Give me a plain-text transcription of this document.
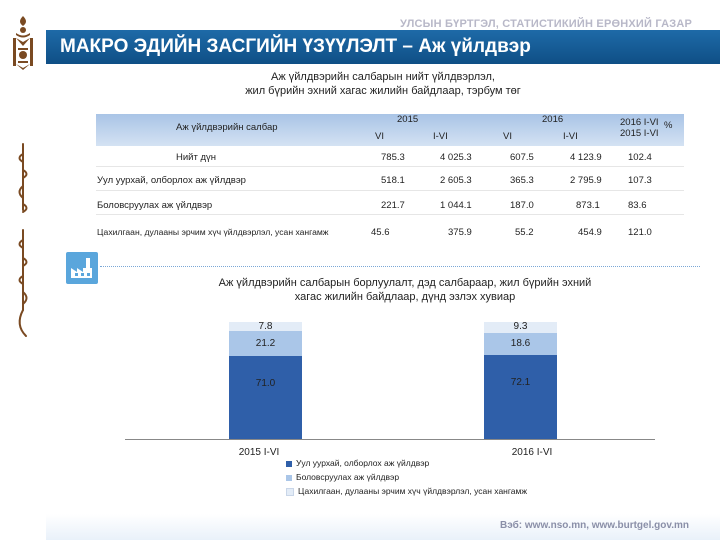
УЛСЫН БҮРТГЭЛ, СТАТИСТИКИЙН ЕРӨНХИЙ ГАЗАР
МАКРО ЭДИЙН ЗАСГИЙН ҮЗҮҮЛЭЛТ – Аж үйлдвэр
Аж үйлдвэрийн салбарын нийт үйлдвэрлэл,
жил бүрийн эхний хагас жилийн байдлаар, тэрбум төг
Аж үйлдвэрийн салбар
2015	2016
VI	I-VI	VI	I-VI
2016 I-VI
2015 I-VI
%
Нийт дүн	785.3	4 025.3	607.5	4 123.9	102.4
Уул уурхай, олборлох аж үйлдвэр	518.1	2 605.3	365.3	2 795.9	107.3
Боловсруулах аж үйлдвэр	221.7	1 044.1	187.0	873.1	83.6
Цахилгаан, дулааны эрчим хүч үйлдвэрлэл, усан хангамж	45.6	375.9	55.2	454.9	121.0
Аж үйлдвэрийн салбарын борлуулалт, дэд салбараар, жил бүрийн эхний
хагас жилийн байдлаар, дүнд эзлэх хувиар
71.0
21.2
7.8
2015 I-VI
72.1
18.6
9.3
2016 I-VI
Уул уурхай, олборлох аж үйлдвэр
Боловсруулах аж үйлдвэр
Цахилгаан, дулааны эрчим хүч үйлдвэрлэл, усан хангамж
Вэб: www.nso.mn, www.burtgel.gov.mn
